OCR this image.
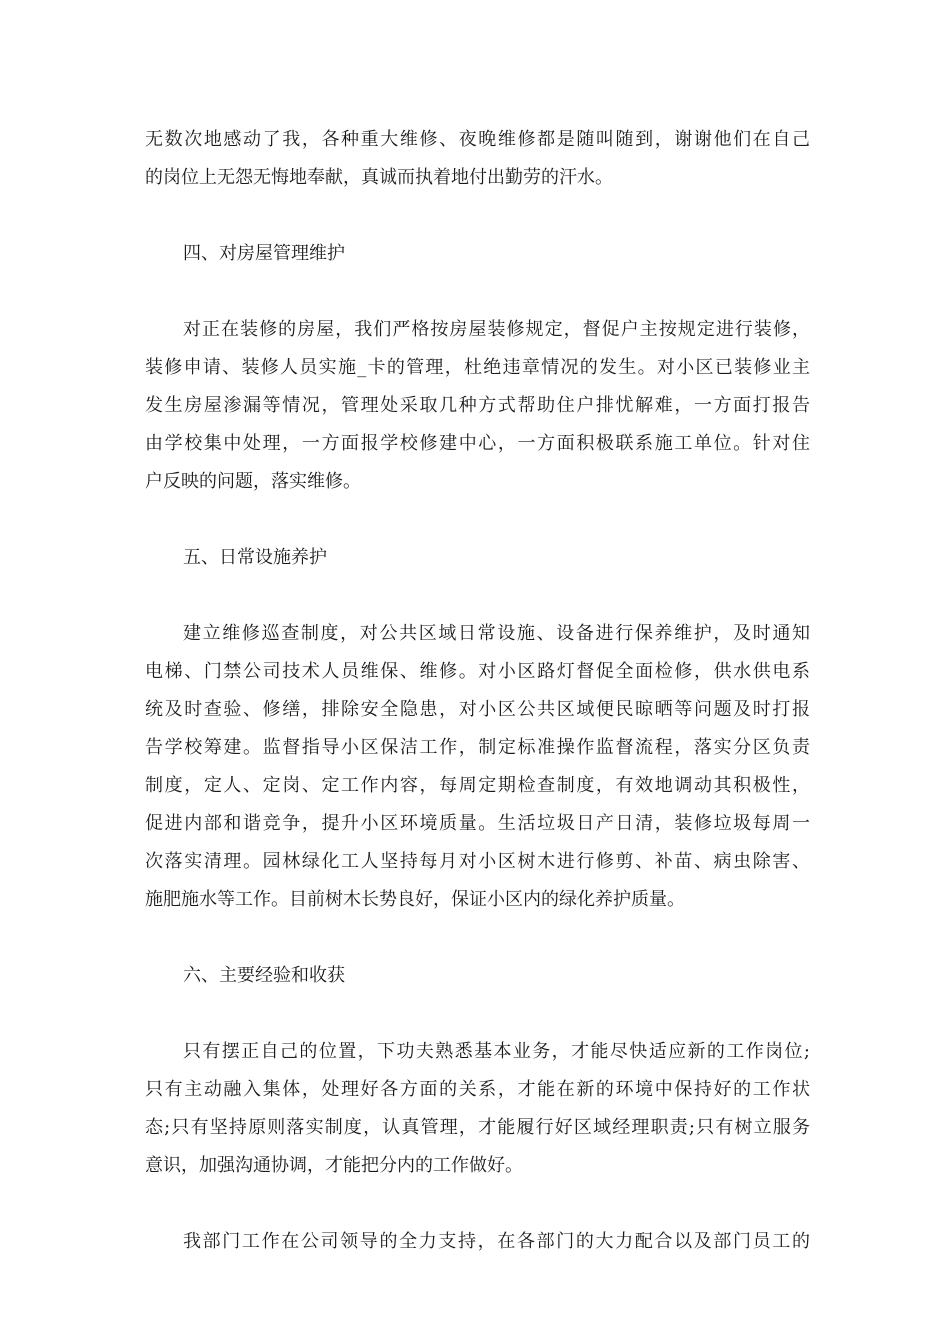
无数次地感动了我，各种重大维修、夜晚维修都是随叫随到，谢谢他们在自己
的岗位上无怨无悔地奉献，真诚而执着地付出勤劳的汗水。
四、对房屋管理维护
对正在装修的房屋，我们严格按房屋装修规定，督促户主按规定进行装修，
装修申请、装修人员实施_卡的管理，杜绝违章情况的发生。对小区已装修业主
发生房屋渗漏等情况，管理处采取几种方式帮助住户排忧解难，一方面打报告
由学校集中处理，一方面报学校修建中心，一方面积极联系施工单位。针对住
户反映的问题，落实维修。
五、日常设施养护
建立维修巡查制度，对公共区域日常设施、设备进行保养维护，及时通知
电梯、门禁公司技术人员维保、维修。对小区路灯督促全面检修，供水供电系
统及时查验、修缮，排除安全隐患，对小区公共区域便民晾晒等问题及时打报
告学校筹建。监督指导小区保洁工作，制定标准操作监督流程，落实分区负责
制度，定人、定岗、定工作内容，每周定期检查制度，有效地调动其积极性，
促进内部和谐竞争，提升小区环境质量。生活垃圾日产日清，装修垃圾每周一
次落实清理。园林绿化工人坚持每月对小区树木进行修剪、补苗、病虫除害、
施肥施水等工作。目前树木长势良好，保证小区内的绿化养护质量。
六、主要经验和收获
只有摆正自己的位置，下功夫熟悉基本业务，才能尽快适应新的工作岗位;
只有主动融入集体，处理好各方面的关系，才能在新的环境中保持好的工作状
态;只有坚持原则落实制度，认真管理，才能履行好区域经理职责;只有树立服务
意识，加强沟通协调，才能把分内的工作做好。
我部门工作在公司领导的全力支持，在各部门的大力配合以及部门员工的
